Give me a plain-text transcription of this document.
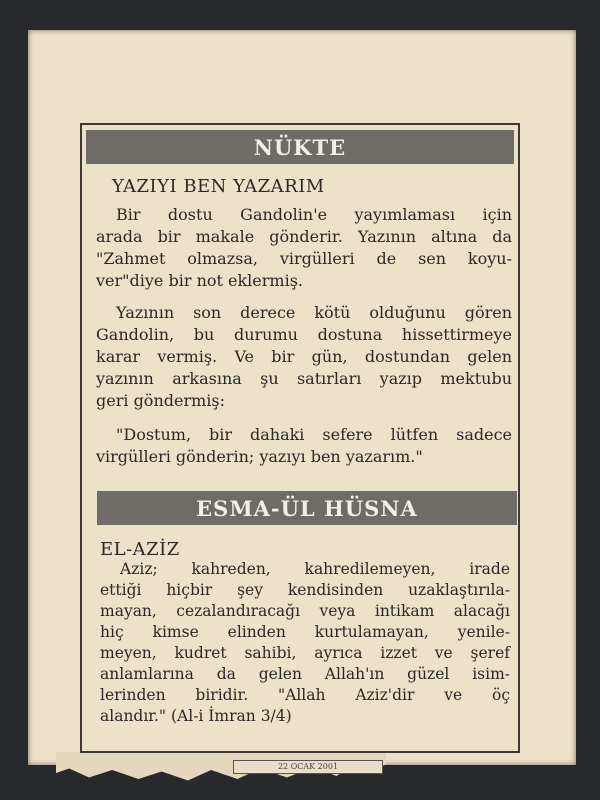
NÜKTE
YAZIYI BEN YAZARIM
Bir dostu Gandolin'e yayımlaması için
arada bir makale gönderir. Yazının altına da
"Zahmet olmazsa, virgülleri de sen koyu-
ver"diye bir not eklermiş.
Yazının son derece kötü olduğunu gören
Gandolin, bu durumu dostuna hissettirmeye
karar vermiş. Ve bir gün, dostundan gelen
yazının arkasına şu satırları yazıp mektubu
geri göndermiş:
"Dostum, bir dahaki sefere lütfen sadece
virgülleri gönderin; yazıyı ben yazarım."
ESMA-ÜL HÜSNA
EL-AZİZ
Aziz; kahreden, kahredilemeyen, irade
ettiği hiçbir şey kendisinden uzaklaştırıla-
mayan, cezalandıracağı veya intikam alacağı
hiç kimse elinden kurtulamayan, yenile-
meyen, kudret sahibi, ayrıca izzet ve şeref
anlamlarına da gelen Allah'ın güzel isim-
lerinden biridir. "Allah Aziz'dir ve öç
alandır." (Al-i İmran 3/4)
22 OCAK 2001
